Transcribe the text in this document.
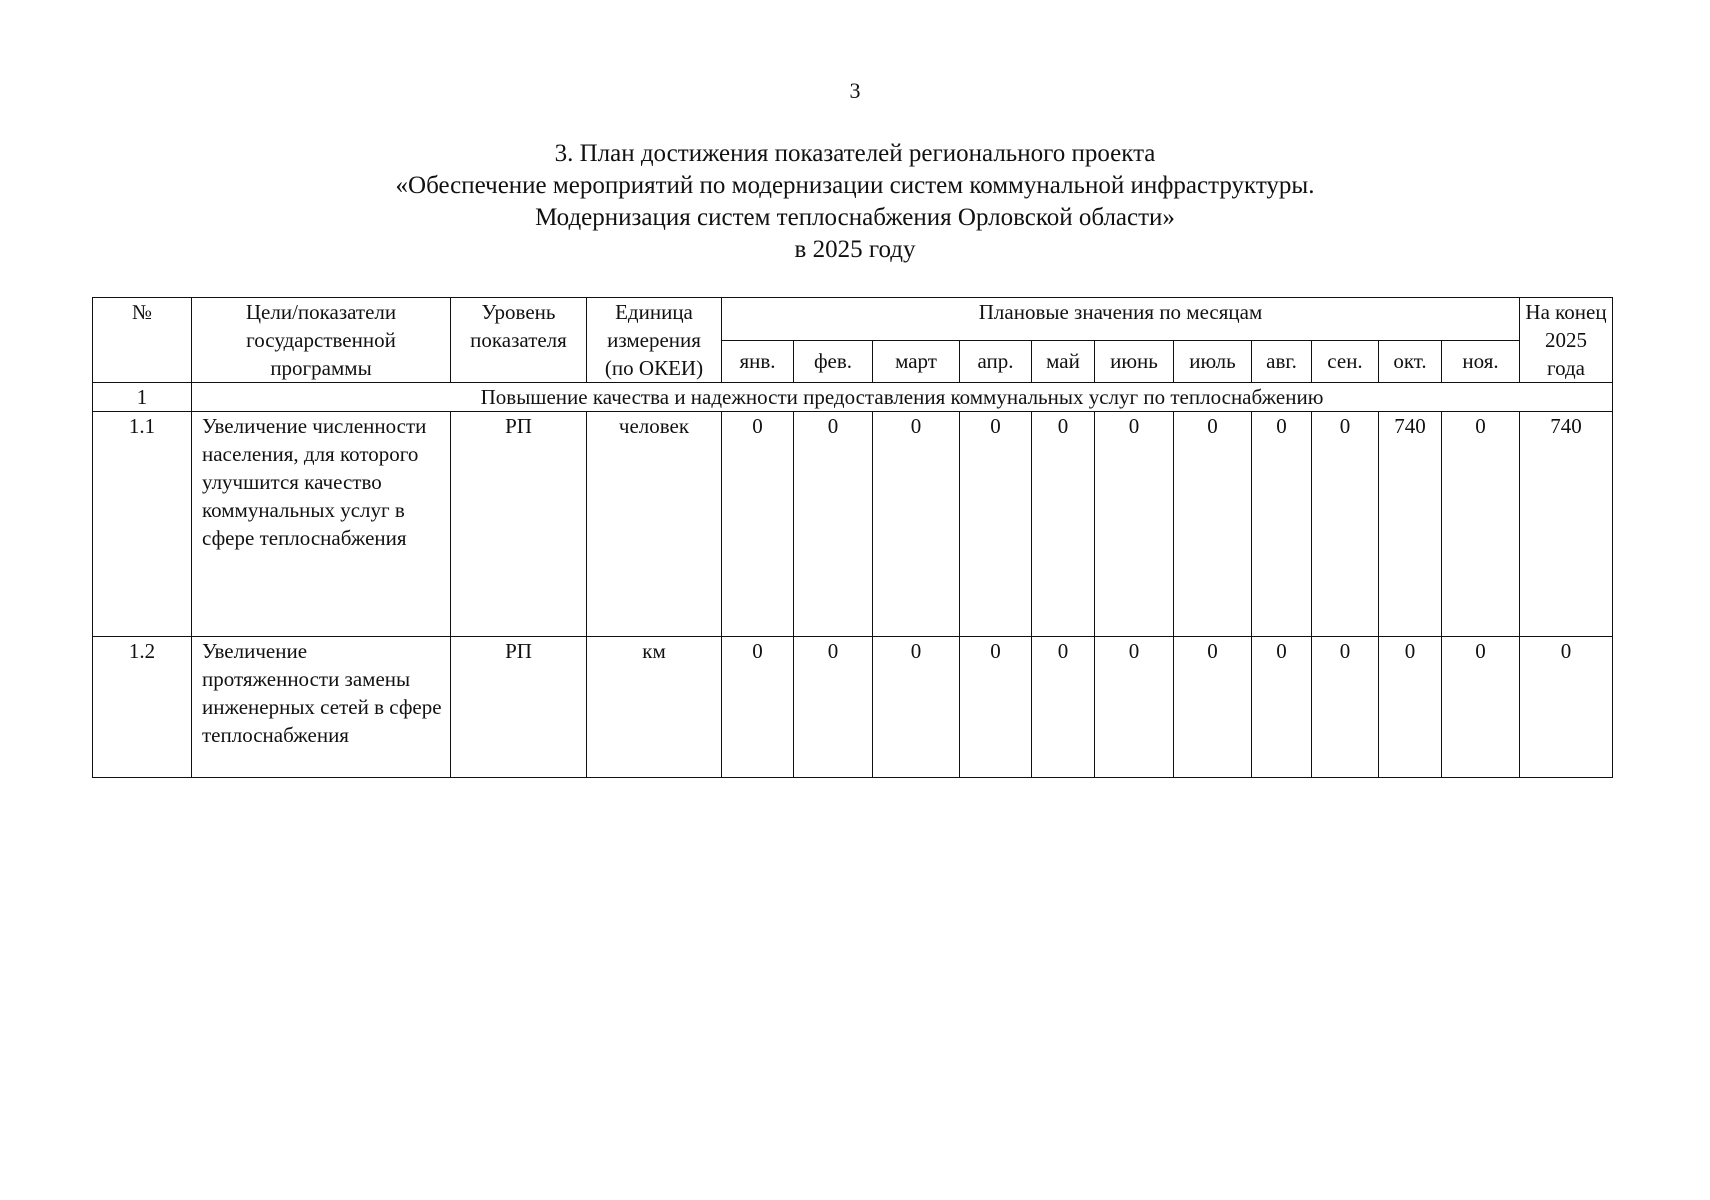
3
3. План достижения показателей регионального проекта
«Обеспечение мероприятий по модернизации систем коммунальной инфраструктуры.
Модернизация систем теплоснабжения Орловской области»
в 2025 году
№	Цели/показатели государственной программы	Уровень показателя	Единица измерения (по ОКЕИ)	Плановые значения по месяцам											На конец 2025 года
				янв.	фев.	март	апр.	май	июнь	июль	авг.	сен.	окт.	ноя.	
1	Повышение качества и надежности предоставления коммунальных услуг по теплоснабжению														
1.1	Увеличение численности населения, для которого улучшится качество коммунальных услуг в сфере теплоснабжения	РП	человек	0	0	0	0	0	0	0	0	0	740	0	740
1.2	Увеличение протяженности замены инженерных сетей в сфере теплоснабжения	РП	км	0	0	0	0	0	0	0	0	0	0	0	0
